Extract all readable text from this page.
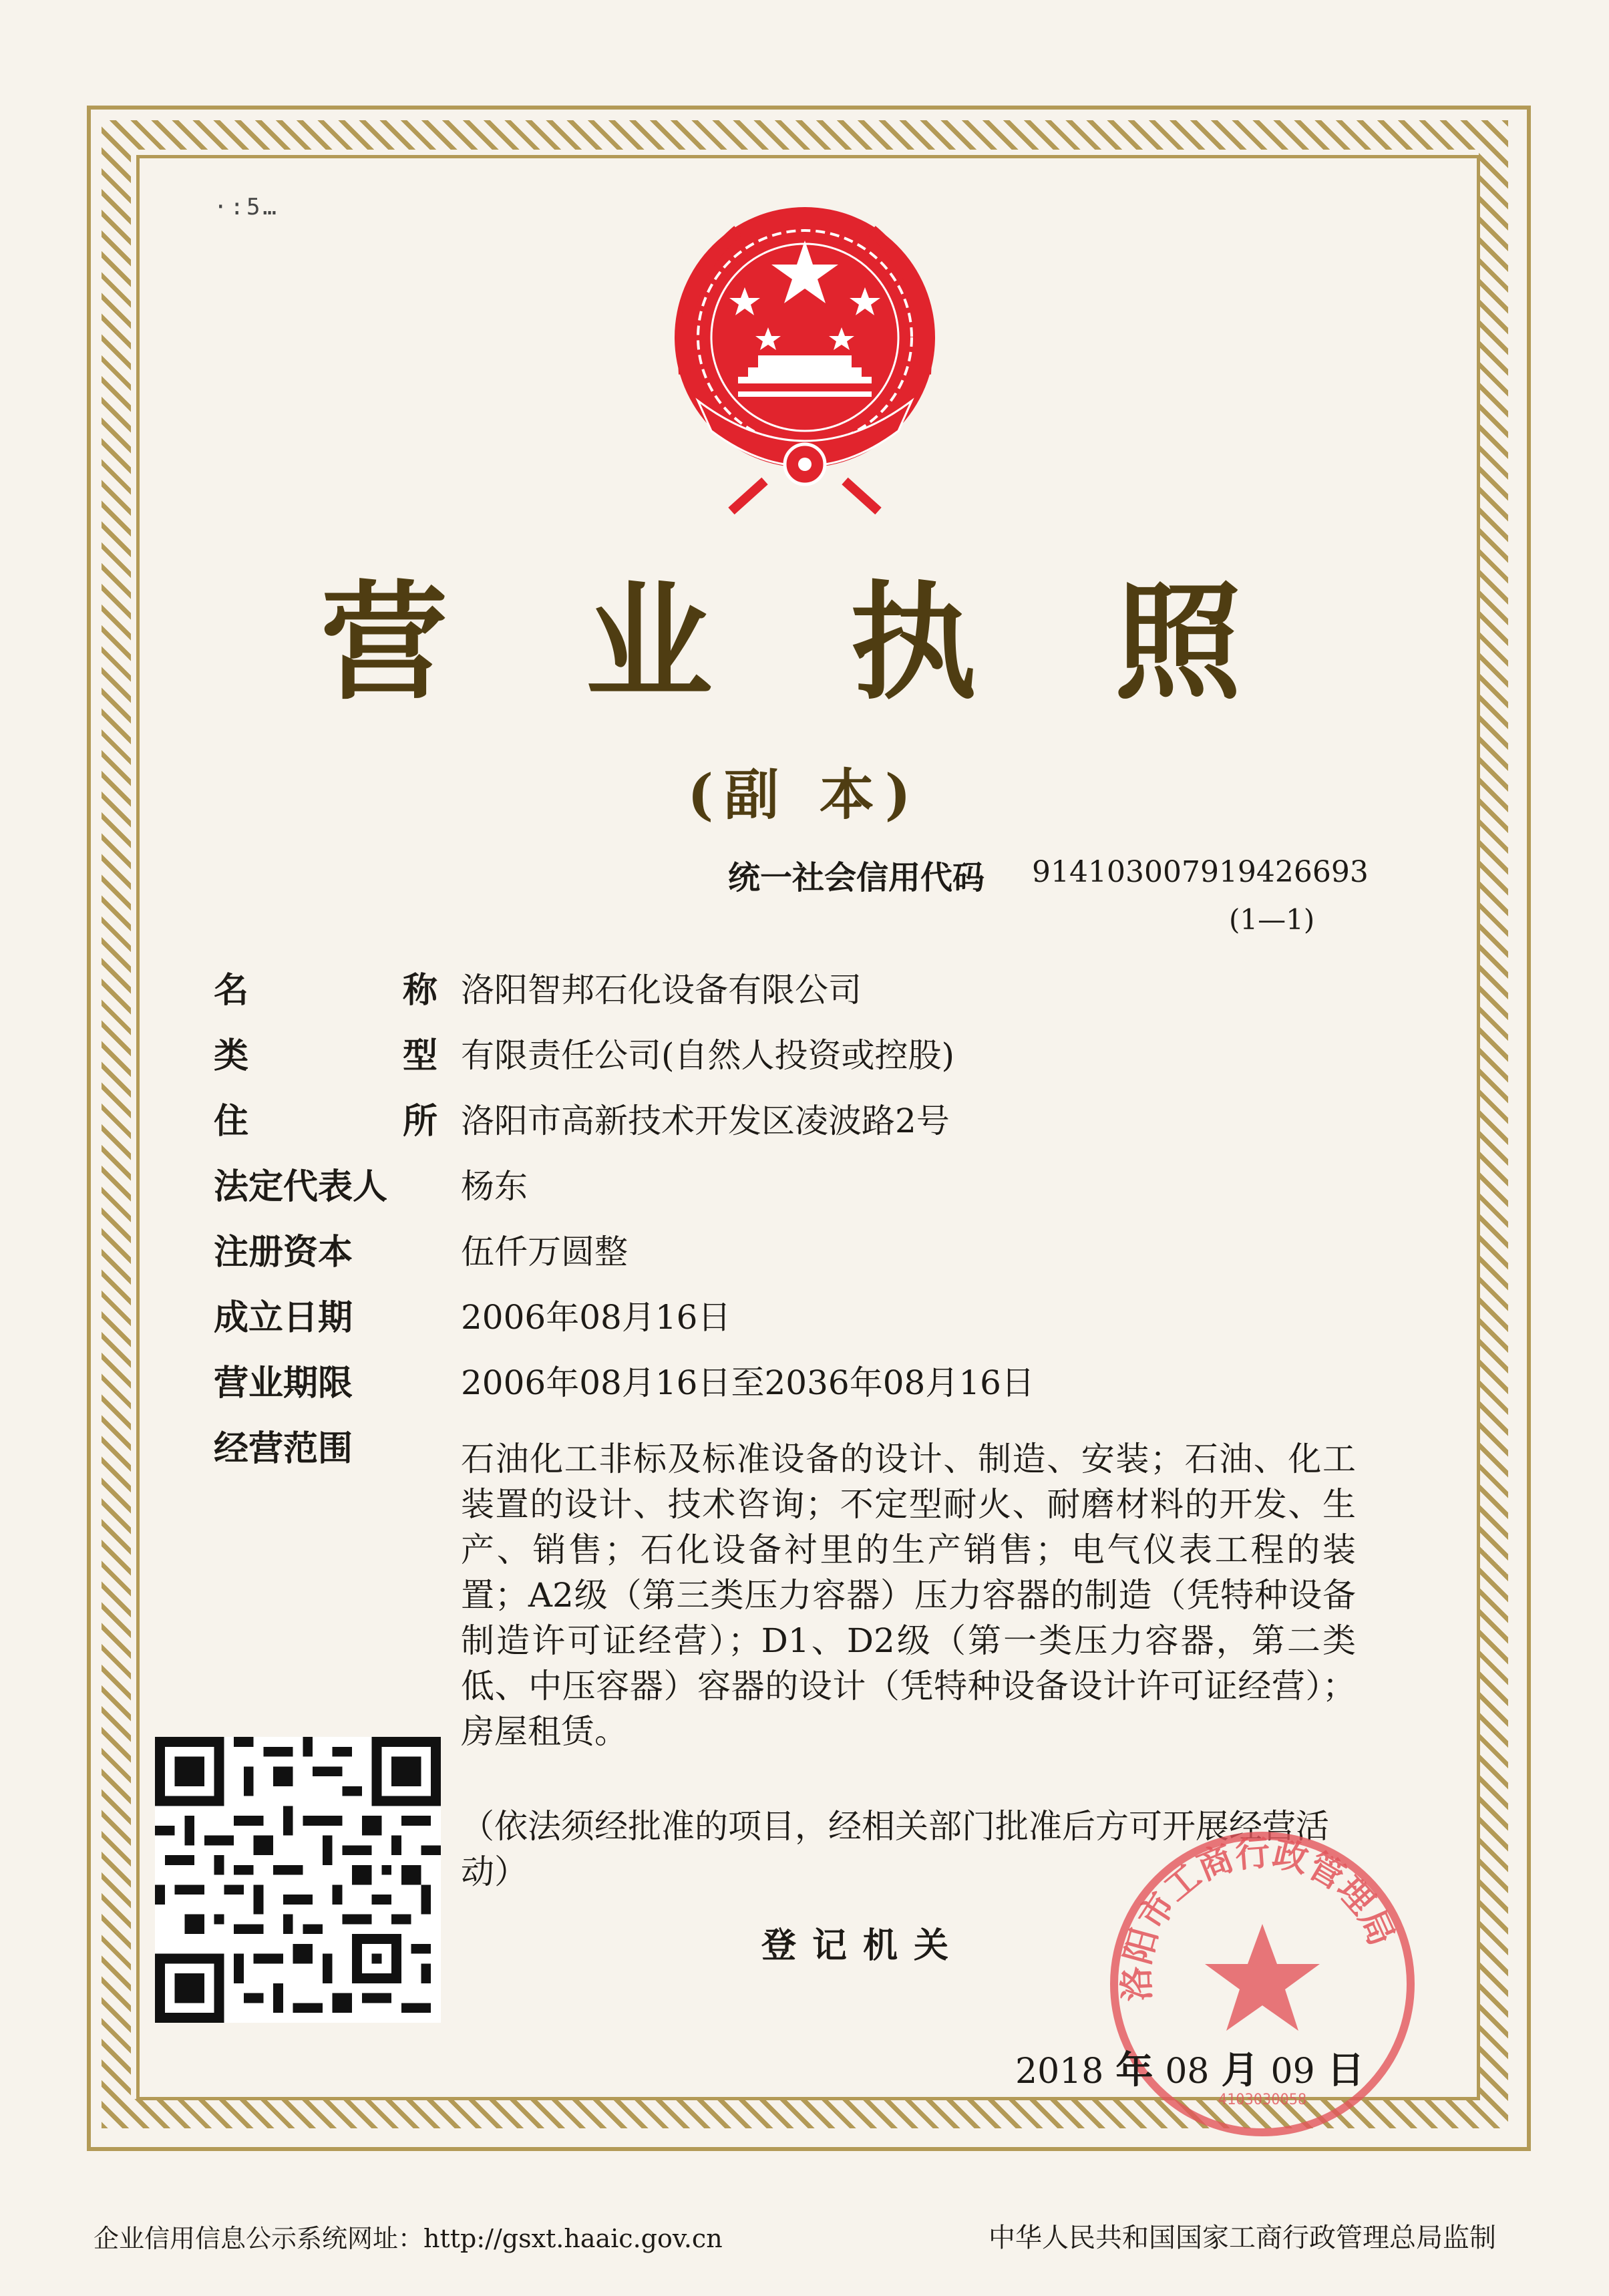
·:5…
营 业 执 照
(副 本)
统一社会信用代码 914103007919426693
(1—1)
名	称 洛阳智邦石化设备有限公司
类	型 有限责任公司(自然人投资或控股)
住	所 洛阳市高新技术开发区凌波路2号
法定代表人	杨东
注册资本	伍仟万圆整
成立日期	2006年08月16日
营业期限	2006年08月16日至2036年08月16日
经营范围	石油化工非标及标准设备的设计、制造、安装；石油、化工装置的设计、技术咨询；不定型耐火、耐磨材料的开发、生产、销售；石化设备衬里的生产销售；电气仪表工程的装置；A2级（第三类压力容器）压力容器的制造（凭特种设备制造许可证经营）；D1、D2级（第一类压力容器，第二类低、中压容器）容器的设计（凭特种设备设计许可证经营）；房屋租赁。
（依法须经批准的项目，经相关部门批准后方可开展经营活动）
登记机关
洛阳市工商行政管理局
4103030058
2018 年 08 月 09 日
企业信用信息公示系统网址：http://gsxt.haaic.gov.cn	中华人民共和国国家工商行政管理总局监制
